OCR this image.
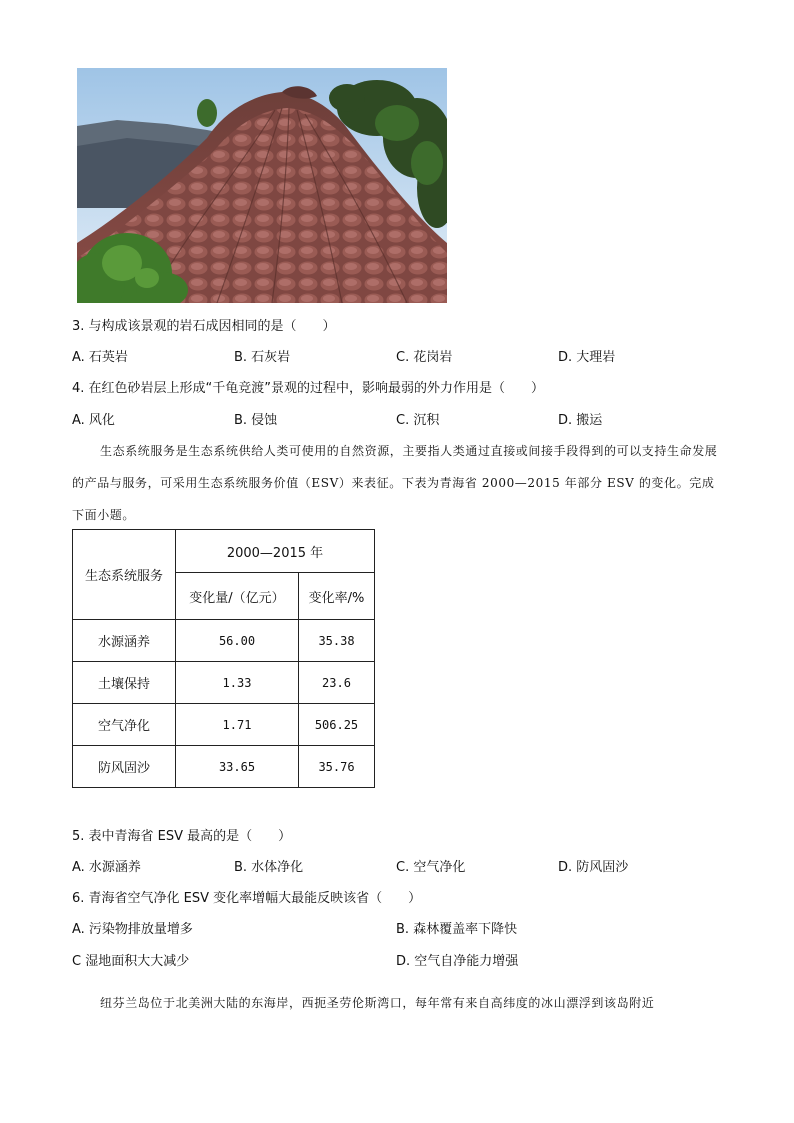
3. 与构成该景观的岩石成因相同的是（　　）
A. 石英岩	B. 石灰岩	C. 花岗岩	D. 大理岩
4. 在红色砂岩层上形成“千龟竞渡”景观的过程中，影响最弱的外力作用是（　　）
A. 风化	B. 侵蚀	C. 沉积	D. 搬运
生态系统服务是生态系统供给人类可使用的自然资源，主要指人类通过直接或间接手段得到的可以支持生命发展的产品与服务，可采用生态系统服务价值（ESV）来表征。下表为青海省 2000—2015 年部分 ESV 的变化。完成下面小题。
生态系统服务	2000—2015 年	
	变化量/（亿元）	变化率/%
水源涵养	56.00	35.38
土壤保持	1.33	23.6
空气净化	1.71	506.25
防风固沙	33.65	35.76
5. 表中青海省 ESV 最高的是（　　）
A. 水源涵养	B. 水体净化	C. 空气净化	D. 防风固沙
6. 青海省空气净化 ESV 变化率增幅大最能反映该省（　　）
A. 污染物排放量增多	B. 森林覆盖率下降快
C 湿地面积大大减少	D. 空气自净能力增强
纽芬兰岛位于北美洲大陆的东海岸，西扼圣劳伦斯湾口，每年常有来自高纬度的冰山漂浮到该岛附近
